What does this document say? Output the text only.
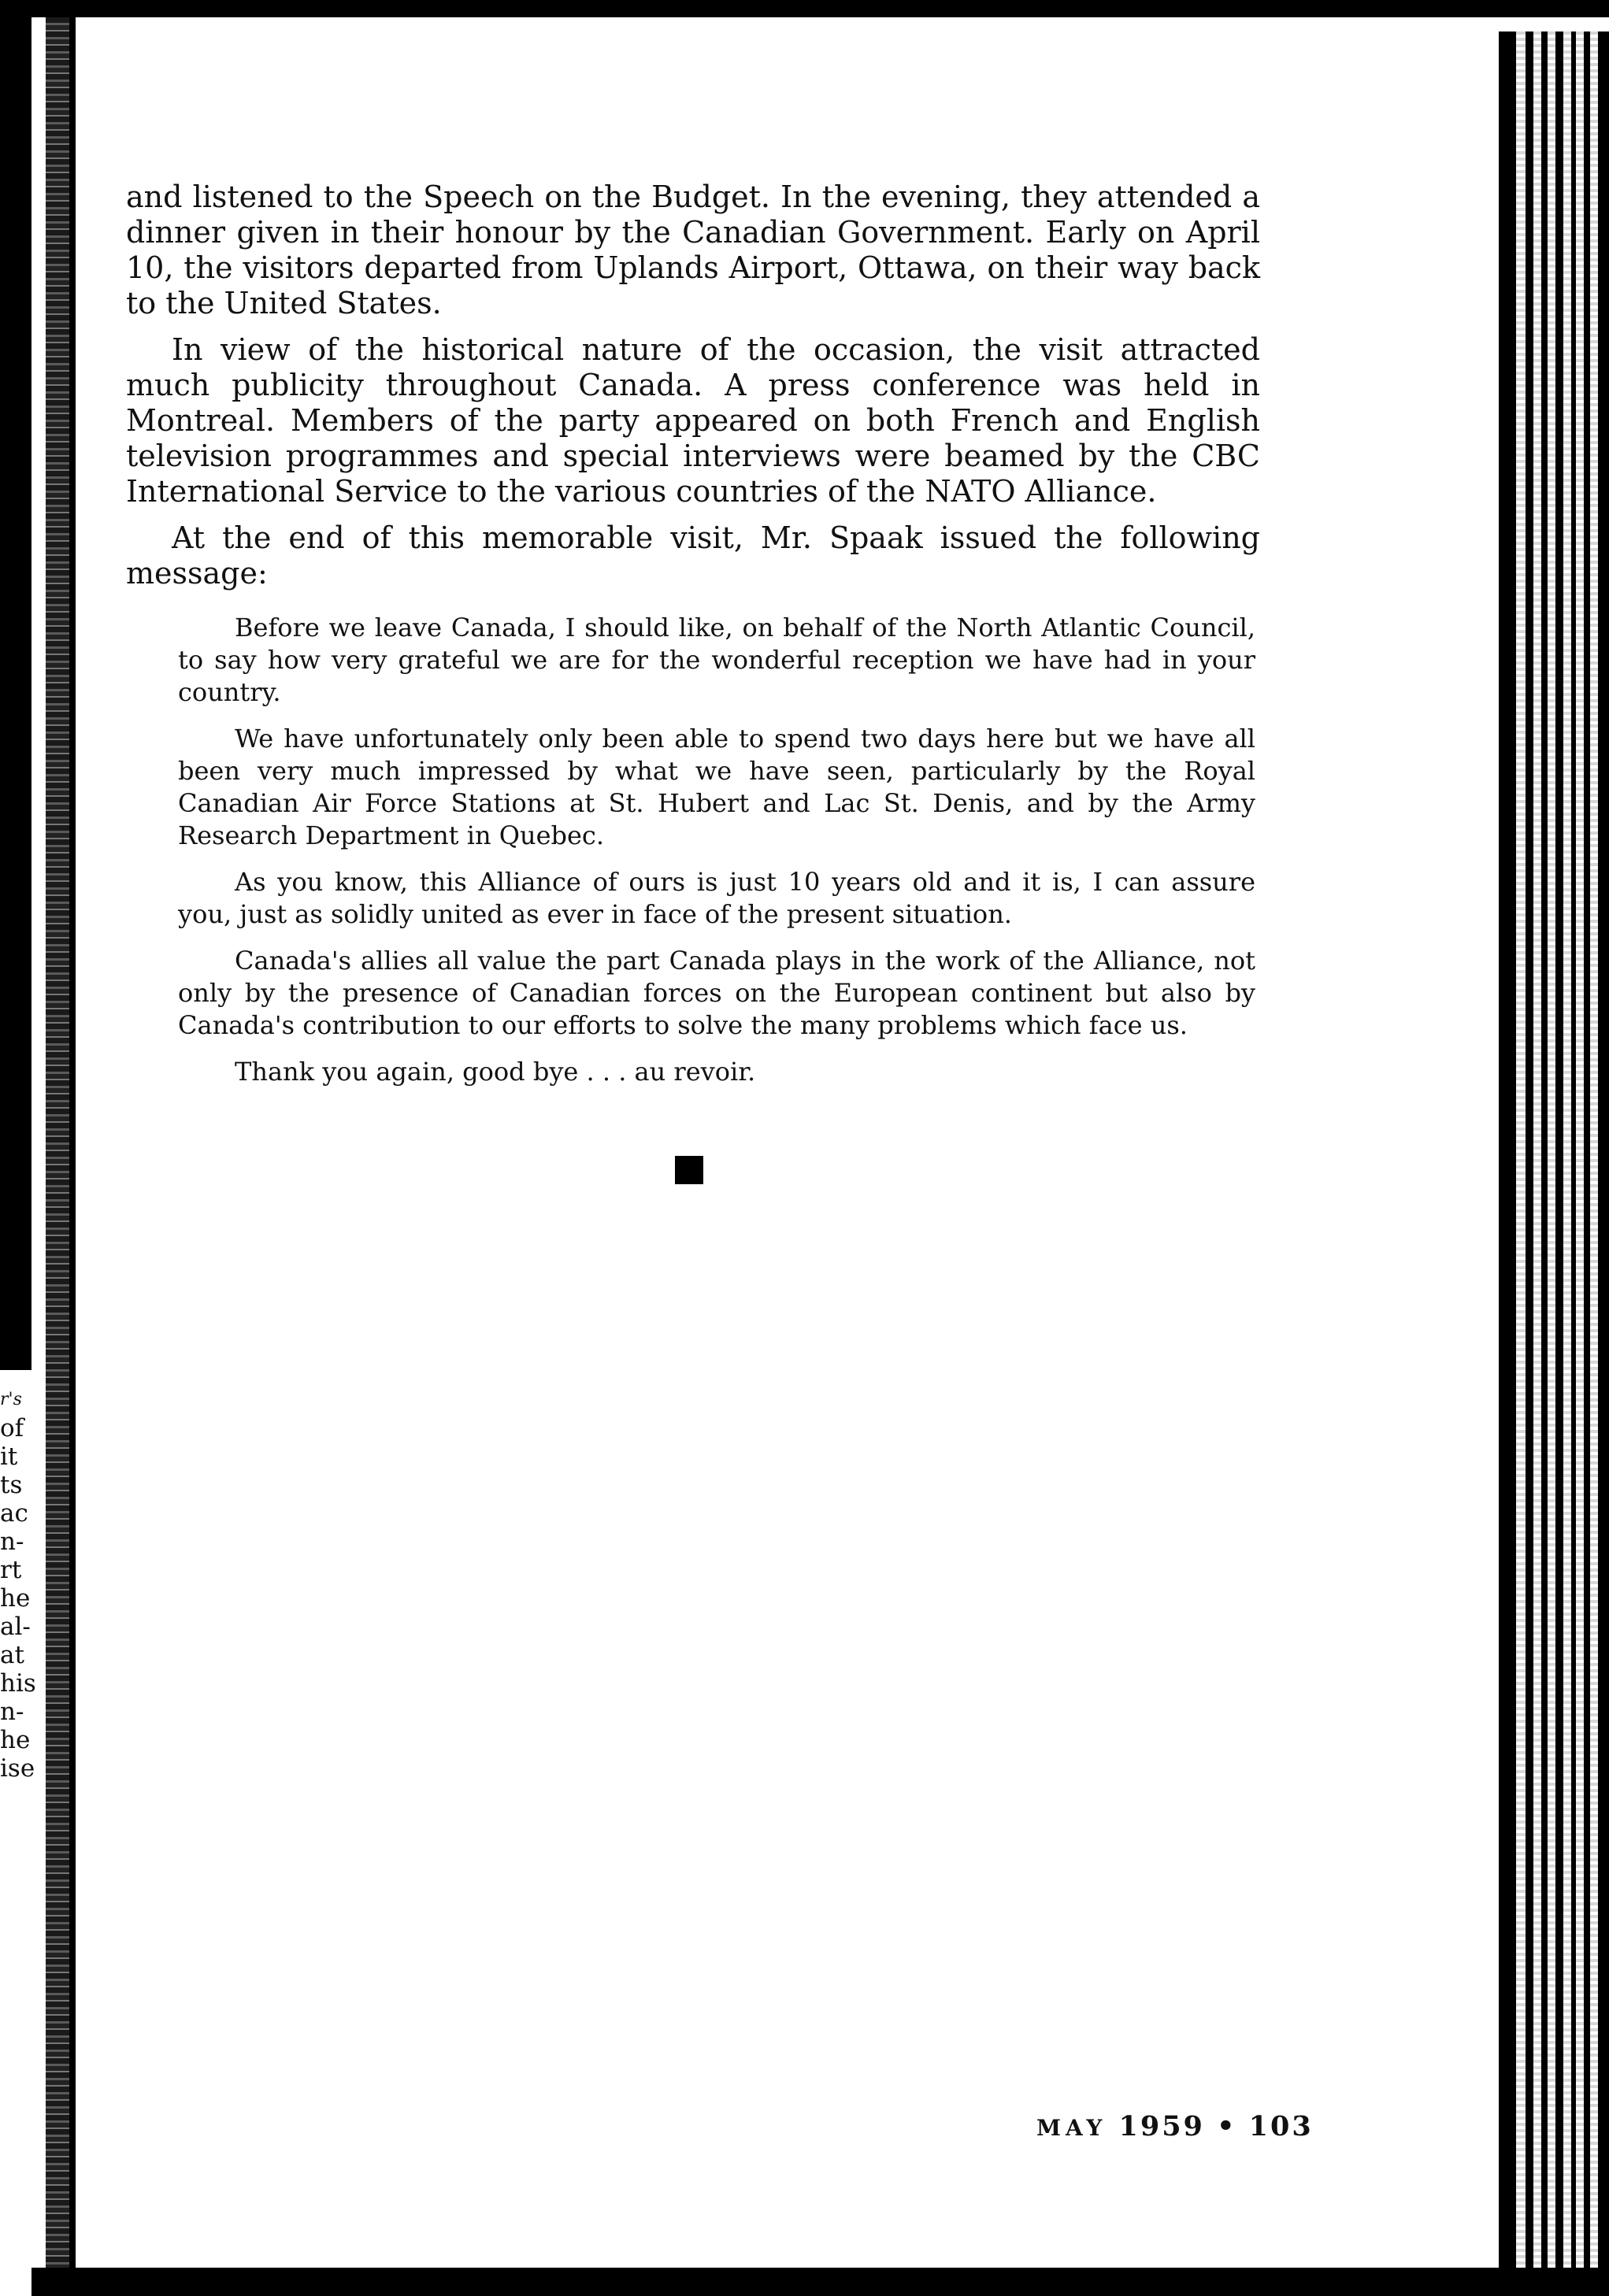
r's
of
it
ts
ac
n-
rt
he
al-
at
his
n-
he
ise

and listened to the Speech on the Budget. In the evening, they attended a dinner given in their honour by the Canadian Government. Early on April 10, the visitors departed from Uplands Airport, Ottawa, on their way back to the United States.

In view of the historical nature of the occasion, the visit attracted much publicity throughout Canada. A press conference was held in Montreal. Members of the party appeared on both French and English television programmes and special interviews were beamed by the CBC International Service to the various countries of the NATO Alliance.

At the end of this memorable visit, Mr. Spaak issued the following message:

Before we leave Canada, I should like, on behalf of the North Atlantic Council, to say how very grateful we are for the wonderful reception we have had in your country.

We have unfortunately only been able to spend two days here but we have all been very much impressed by what we have seen, particularly by the Royal Canadian Air Force Stations at St. Hubert and Lac St. Denis, and by the Army Research Department in Quebec.

As you know, this Alliance of ours is just 10 years old and it is, I can assure you, just as solidly united as ever in face of the present situation.

Canada's allies all value the part Canada plays in the work of the Alliance, not only by the presence of Canadian forces on the European continent but also by Canada's contribution to our efforts to solve the many problems which face us.

Thank you again, good bye . . . au revoir.

MAY 1959 • 103
